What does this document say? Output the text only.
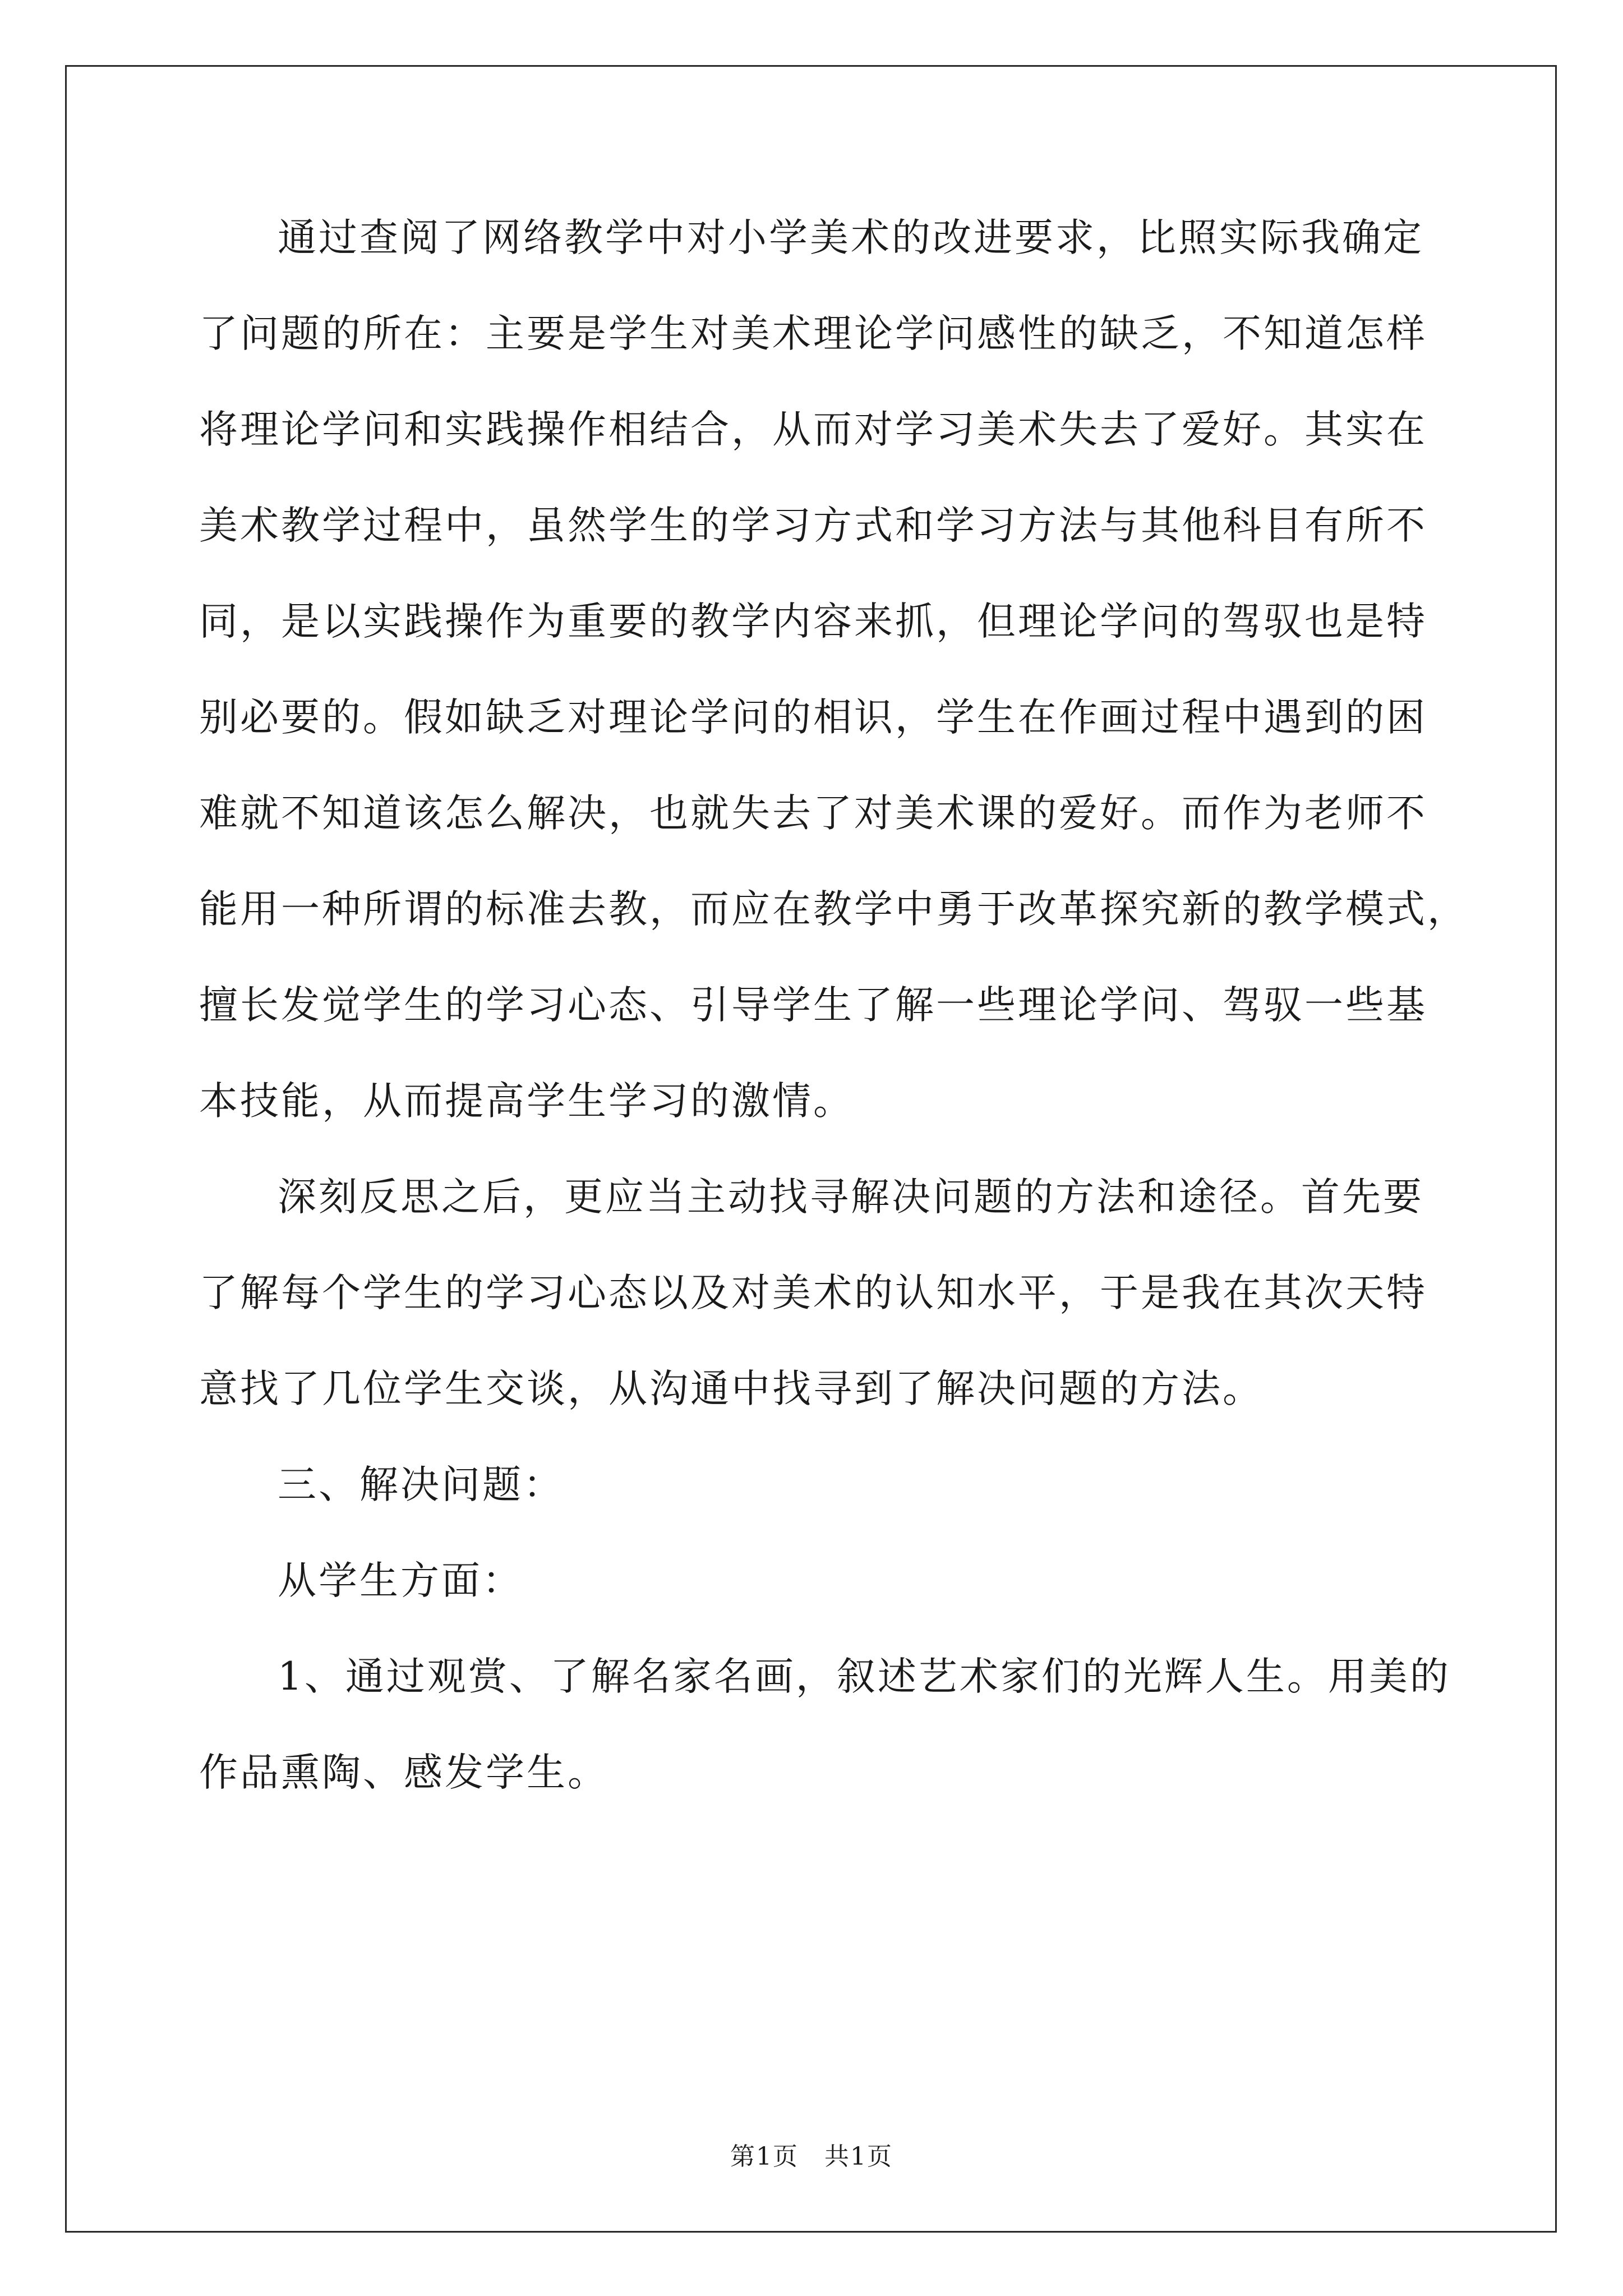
通过查阅了网络教学中对小学美术的改进要求，比照实际我确定
了问题的所在：主要是学生对美术理论学问感性的缺乏，不知道怎样
将理论学问和实践操作相结合，从而对学习美术失去了爱好。其实在
美术教学过程中，虽然学生的学习方式和学习方法与其他科目有所不
同，是以实践操作为重要的教学内容来抓，但理论学问的驾驭也是特
别必要的。假如缺乏对理论学问的相识，学生在作画过程中遇到的困
难就不知道该怎么解决，也就失去了对美术课的爱好。而作为老师不
能用一种所谓的标准去教，而应在教学中勇于改革探究新的教学模式，
擅长发觉学生的学习心态、引导学生了解一些理论学问、驾驭一些基
本技能，从而提高学生学习的激情。
深刻反思之后，更应当主动找寻解决问题的方法和途径。首先要
了解每个学生的学习心态以及对美术的认知水平，于是我在其次天特
意找了几位学生交谈，从沟通中找寻到了解决问题的方法。
三、解决问题：
从学生方面：
1、通过观赏、了解名家名画，叙述艺术家们的光辉人生。用美的
作品熏陶、感发学生。
第1页　共1页
